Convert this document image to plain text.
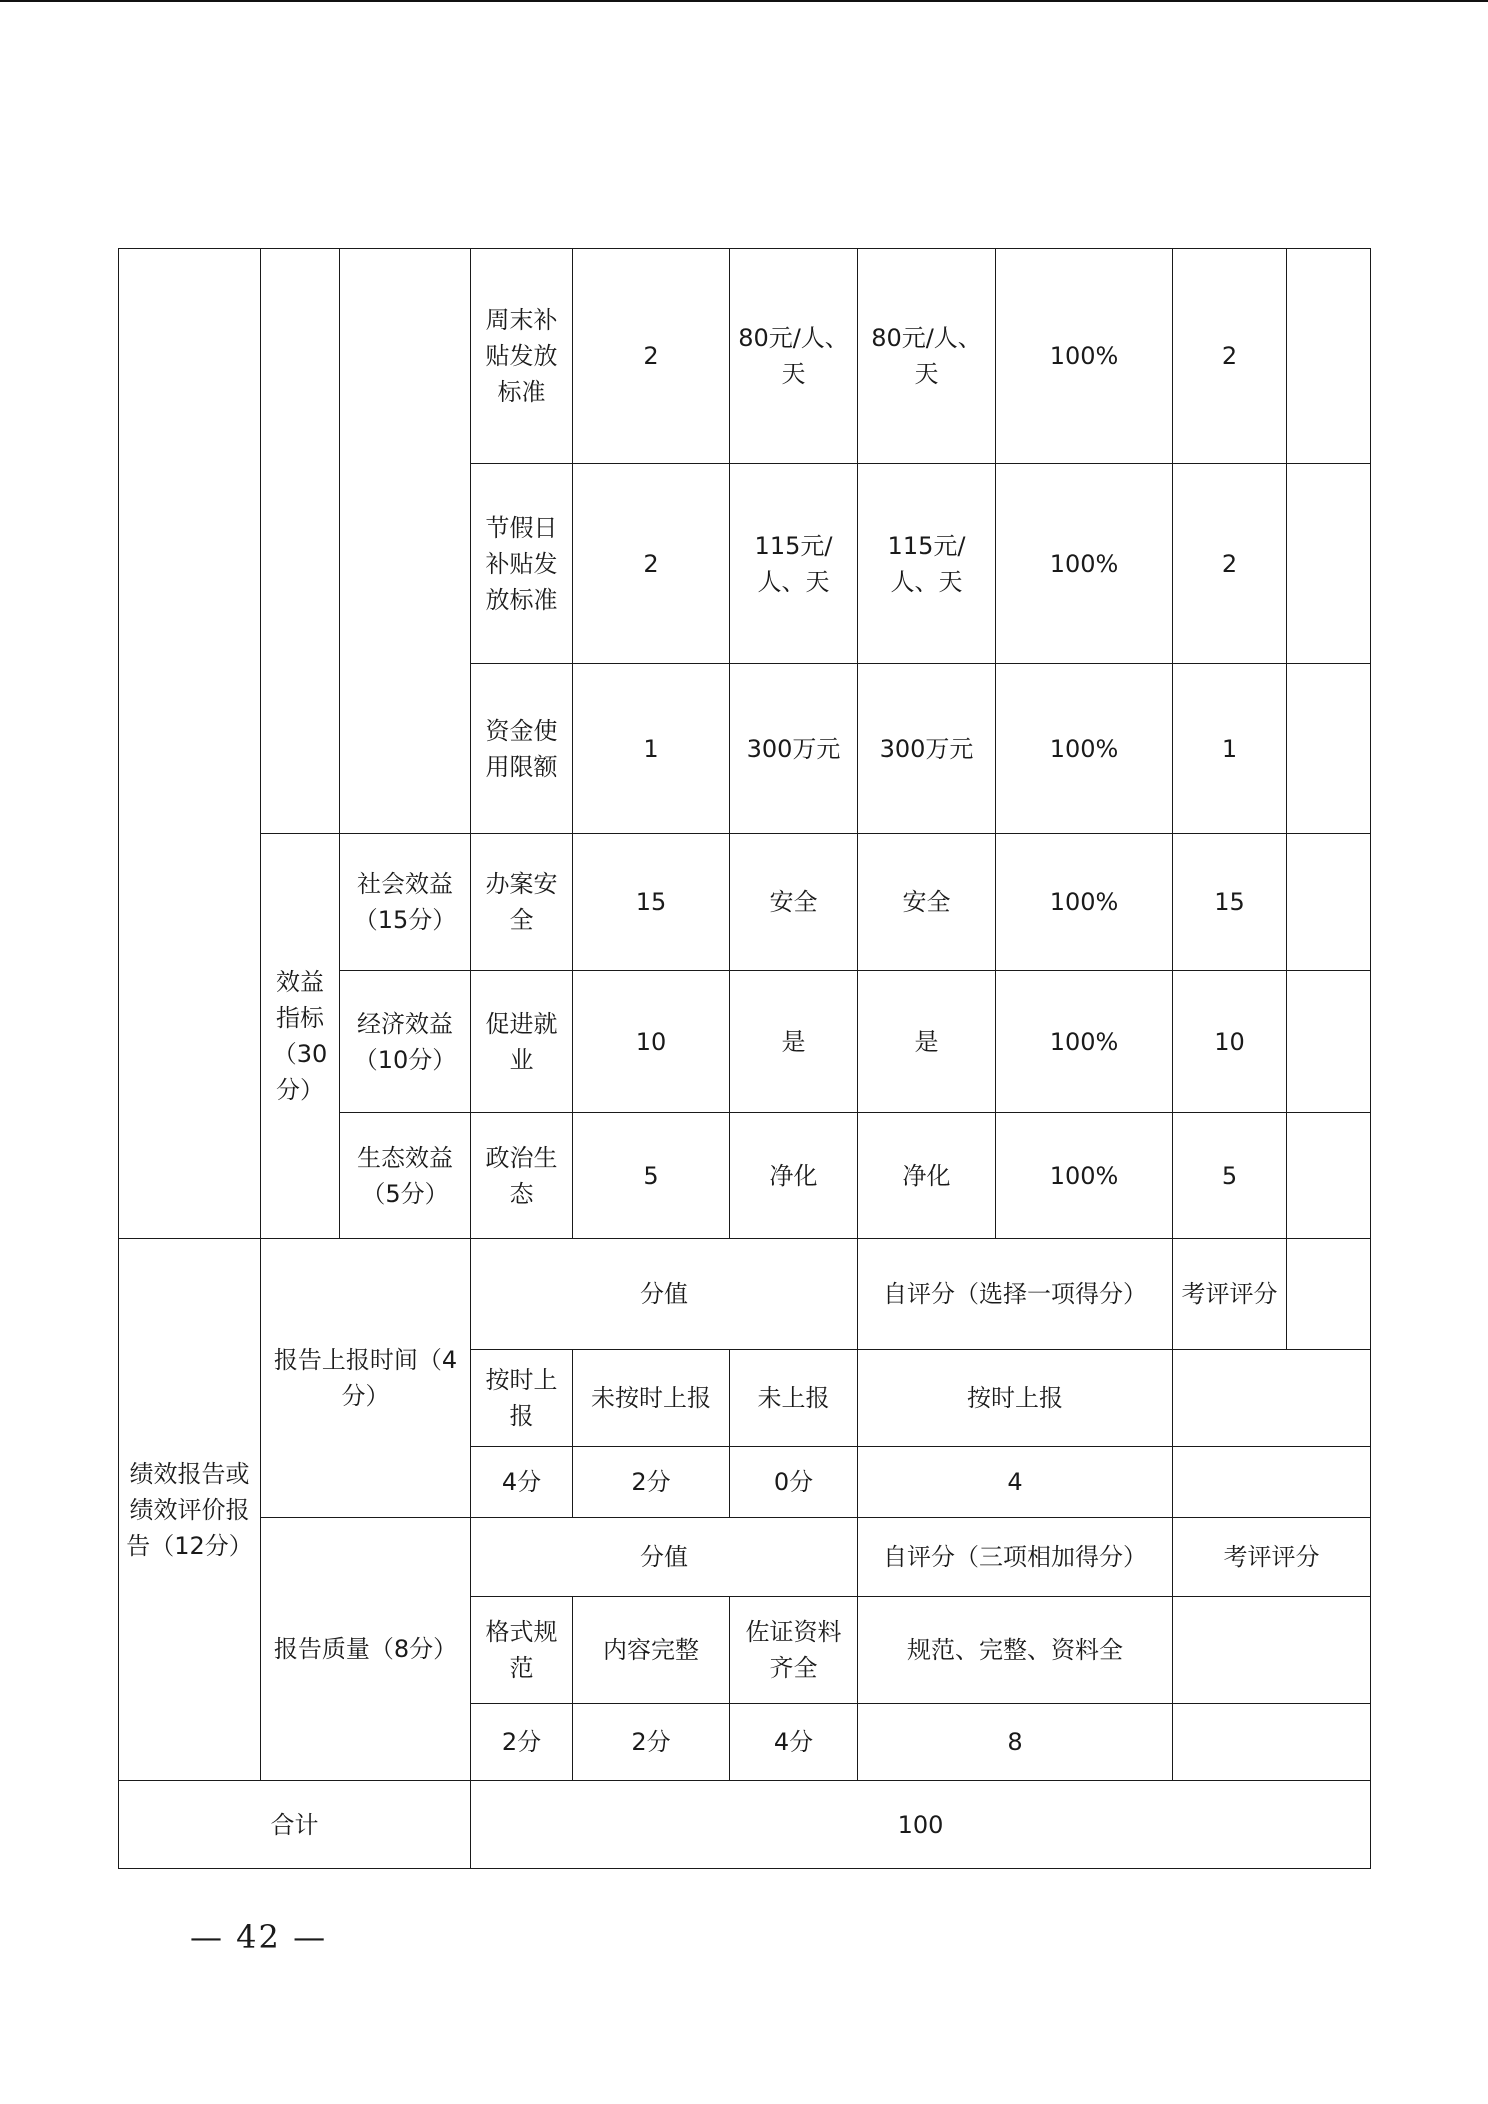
			周末补贴发放标准	2	80元/人、天	80元/人、天	100%	2	
			节假日补贴发放标准	2	115元/人、天	115元/人、天	100%	2	
			资金使用限额	1	300万元	300万元	100%	1	
	效益指标（30分）	社会效益（15分）	办案安全	15	安全	安全	100%	15	
		经济效益（10分）	促进就业	10	是	是	100%	10	
		生态效益（5分）	政治生态	5	净化	净化	100%	5	
绩效报告或绩效评价报告（12分）	报告上报时间（4分）		分值			自评分（选择一项得分）		考评评分	
			按时上报	未按时上报	未上报	按时上报			
			4分	2分	0分	4			
	报告质量（8分）		分值			自评分（三项相加得分）		考评评分	
			格式规范	内容完整	佐证资料齐全	规范、完整、资料全			
			2分	2分	4分	8			
合计			100						
— 42 —
